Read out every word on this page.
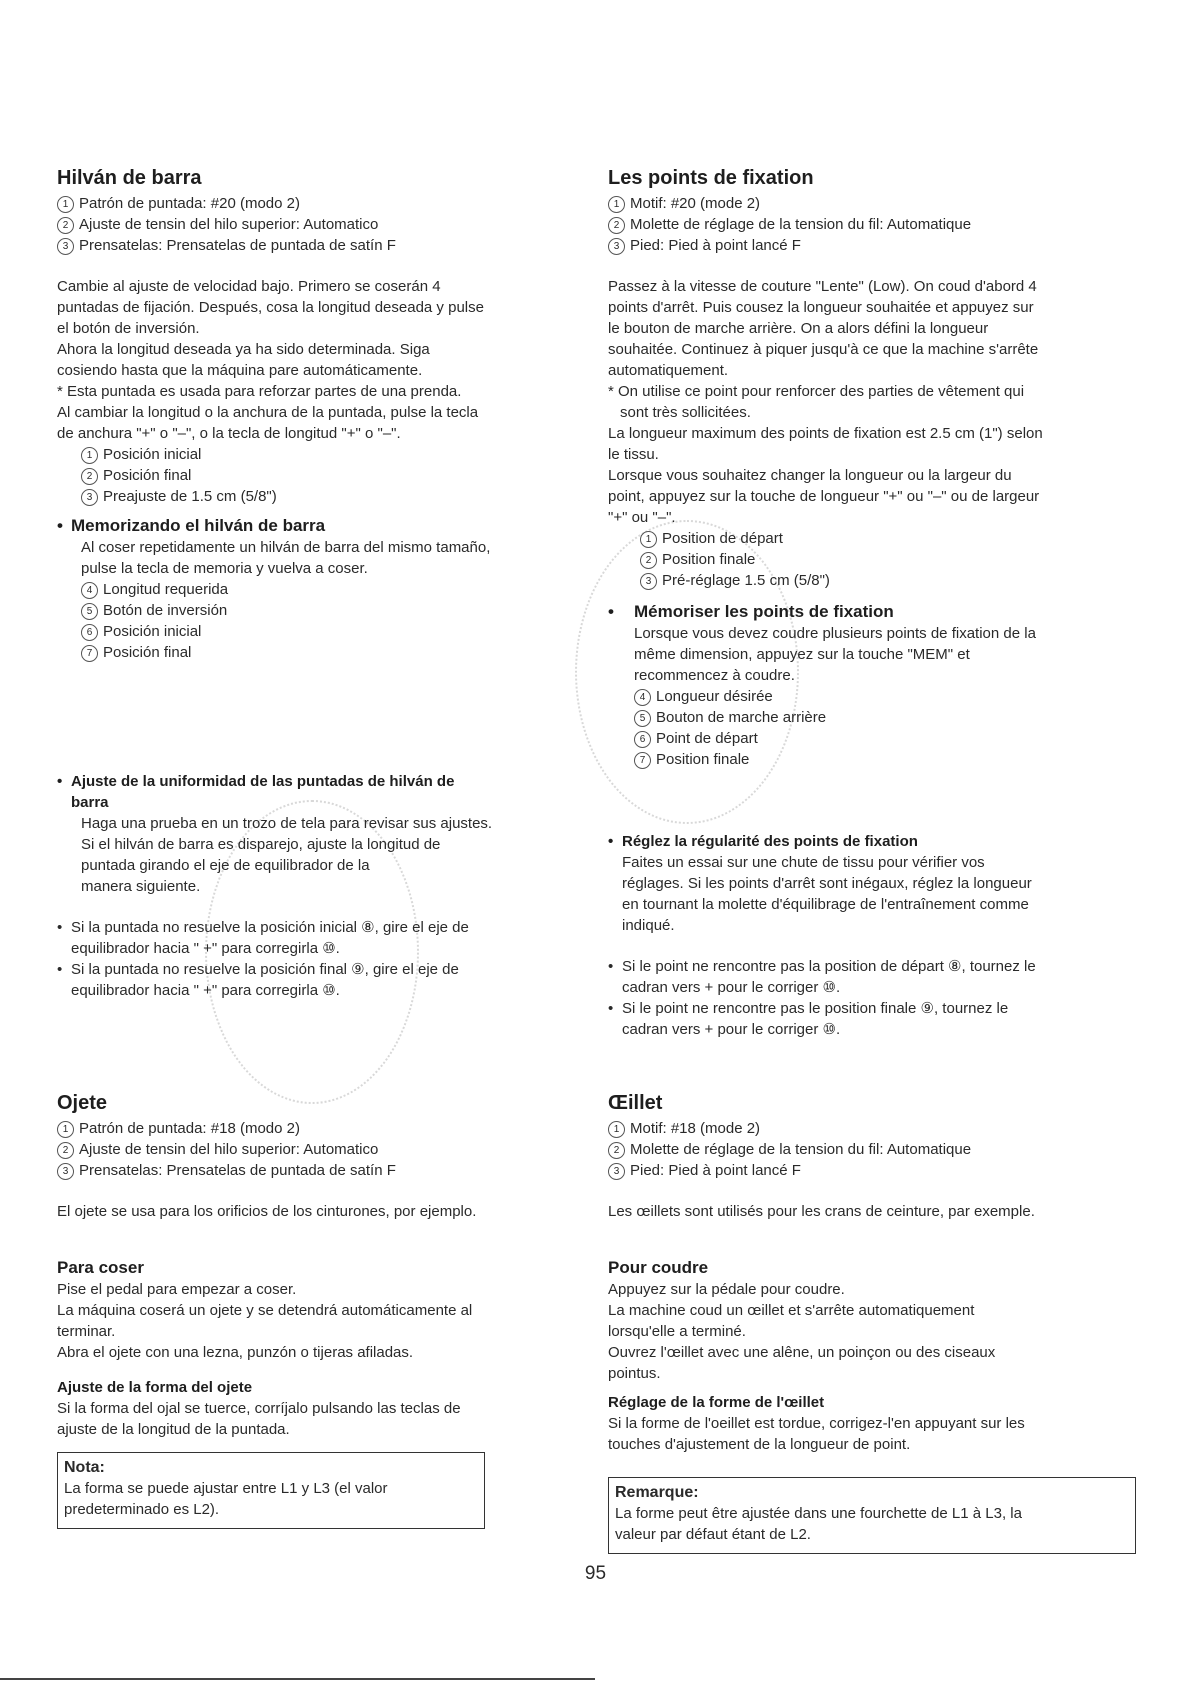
Hilván de barra
1 Patrón de puntada: #20 (modo 2)
2 Ajuste de tensin del hilo superior: Automatico
3 Prensatelas: Prensatelas de puntada de satín F
Cambie al ajuste de velocidad bajo. Primero se coserán 4
puntadas de fijación. Después, cosa la longitud deseada y pulse
el botón de inversión.
Ahora la longitud deseada ya ha sido determinada. Siga
cosiendo hasta que la máquina pare automáticamente.
* Esta puntada es usada para reforzar partes de una prenda.
Al cambiar la longitud o la anchura de la puntada, pulse la tecla
de anchura "+" o "–", o la tecla de longitud "+" o "–".
1 Posición inicial
2 Posición final
3 Preajuste de 1.5 cm (5/8")
• Memorizando el hilván de barra
Al coser repetidamente un hilván de barra del mismo tamaño,
pulse la tecla de memoria y vuelva a coser.
4 Longitud requerida
5 Botón de inversión
6 Posición inicial
7 Posición final
• Ajuste de la uniformidad de las puntadas de hilván de
barra
Haga una prueba en un trozo de tela para revisar sus ajustes.
Si el hilván de barra es disparejo, ajuste la longitud de
puntada girando el eje de equilibrador de la
manera siguiente.
• Si la puntada no resuelve la posición inicial ⑧, gire el eje de
equilibrador hacia " +" para corregirla ⑩.
• Si la puntada no resuelve la posición final ⑨, gire el eje de
equilibrador hacia " +" para corregirla ⑩.
Ojete
1 Patrón de puntada: #18 (modo 2)
2 Ajuste de tensin del hilo superior: Automatico
3 Prensatelas: Prensatelas de puntada de satín F
El ojete se usa para los orificios de los cinturones, por ejemplo.
Para coser
Pise el pedal para empezar a coser.
La máquina coserá un ojete y se detendrá automáticamente al
terminar.
Abra el ojete con una lezna, punzón o tijeras afiladas.
Ajuste de la forma del ojete
Si la forma del ojal se tuerce, corríjalo pulsando las teclas de
ajuste de la longitud de la puntada.
Nota:
La forma se puede ajustar entre L1 y L3 (el valor
predeterminado es L2).
Les points de fixation
1 Motif: #20 (mode 2)
2 Molette de réglage de la tension du fil: Automatique
3 Pied: Pied à point lancé F
Passez à la vitesse de couture "Lente" (Low). On coud d'abord 4
points d'arrêt. Puis cousez la longueur souhaitée et appuyez sur
le bouton de marche arrière. On a alors défini la longueur
souhaitée. Continuez à piquer jusqu'à ce que la machine s'arrête
automatiquement.
* On utilise ce point pour renforcer des parties de vêtement qui
sont très sollicitées.
La longueur maximum des points de fixation est 2.5 cm (1") selon
le tissu.
Lorsque vous souhaitez changer la longueur ou la largeur du
point, appuyez sur la touche de longueur "+" ou "–" ou de largeur
"+" ou "–".
1 Position de départ
2 Position finale
3 Pré-réglage 1.5 cm (5/8")
•	Mémoriser les points de fixation
Lorsque vous devez coudre plusieurs points de fixation de la
même dimension, appuyez sur la touche "MEM" et
recommencez à coudre.
4 Longueur désirée
5 Bouton de marche arrière
6 Point de départ
7 Position finale
• Réglez la régularité des points de fixation
Faites un essai sur une chute de tissu pour vérifier vos
réglages. Si les points d'arrêt sont inégaux, réglez la longueur
en tournant la molette d'équilibrage de l'entraînement comme
indiqué.
• Si le point ne rencontre pas la position de départ ⑧, tournez le
cadran vers + pour le corriger ⑩.
• Si le point ne rencontre pas le position finale ⑨, tournez le
cadran vers + pour le corriger ⑩.
Œillet
1 Motif: #18 (mode 2)
2 Molette de réglage de la tension du fil: Automatique
3 Pied: Pied à point lancé F
Les œillets sont utilisés pour les crans de ceinture, par exemple.
Pour coudre
Appuyez sur la pédale pour coudre.
La machine coud un œillet et s'arrête automatiquement
lorsqu'elle a terminé.
Ouvrez l'œillet avec une alêne, un poinçon ou des ciseaux
pointus.
Réglage de la forme de l'œillet
Si la forme de l'oeillet est tordue, corrigez-l'en appuyant sur les
touches d'ajustement de la longueur de point.
Remarque:
La forme peut être ajustée dans une fourchette de L1 à L3, la
valeur par défaut étant de L2.
95
